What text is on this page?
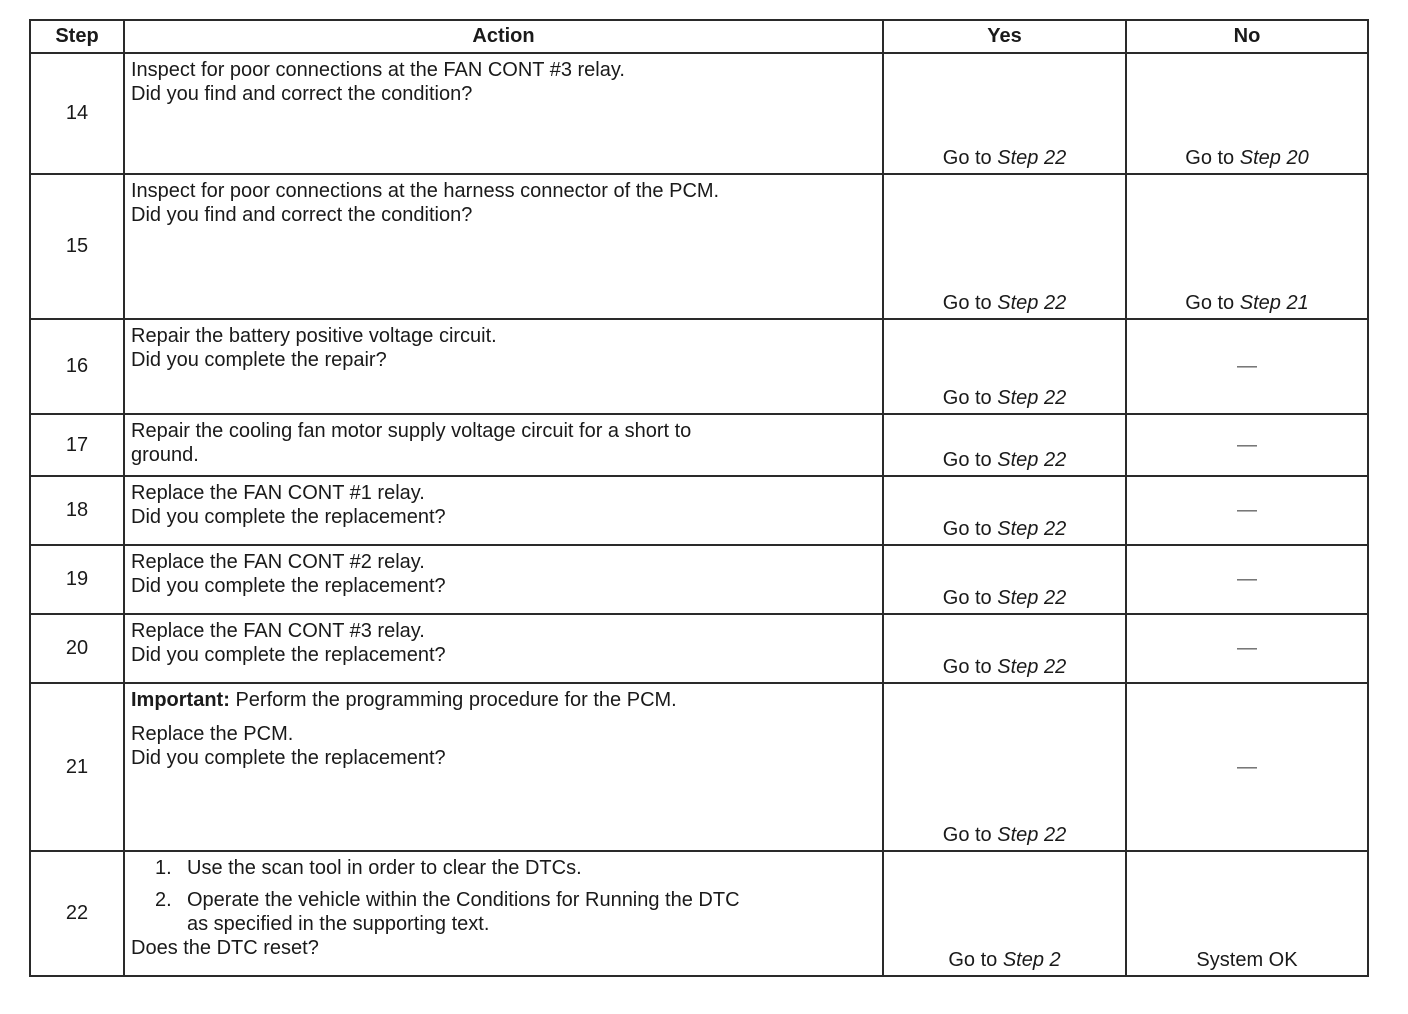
Step	Action	Yes	No
14	Inspect for poor connections at the FAN CONT #3 relay.
Did you find and correct the condition?	Go to Step 22	Go to Step 20

15	Inspect for poor connections at the harness connector of the PCM.
Did you find and correct the condition?	Go to Step 22	Go to Step 21

16	Repair the battery positive voltage circuit.
Did you complete the repair?	Go to Step 22	—
17	Repair the cooling fan motor supply voltage circuit for a short to
ground.	Go to Step 22	—
18	Replace the FAN CONT #1 relay.
Did you complete the replacement?	Go to Step 22	—
19	Replace the FAN CONT #2 relay.
Did you complete the replacement?	Go to Step 22	—
20	Replace the FAN CONT #3 relay.
Did you complete the replacement?	Go to Step 22	—
21	Important: Perform the programming procedure for the PCM.
Replace the PCM.
Did you complete the replacement?	Go to Step 22	—
22	1. Use the scan tool in order to clear the DTCs.
2. Operate the vehicle within the Conditions for Running the DTC
as specified in the supporting text.
Does the DTC reset?	Go to Step 2	System OK
